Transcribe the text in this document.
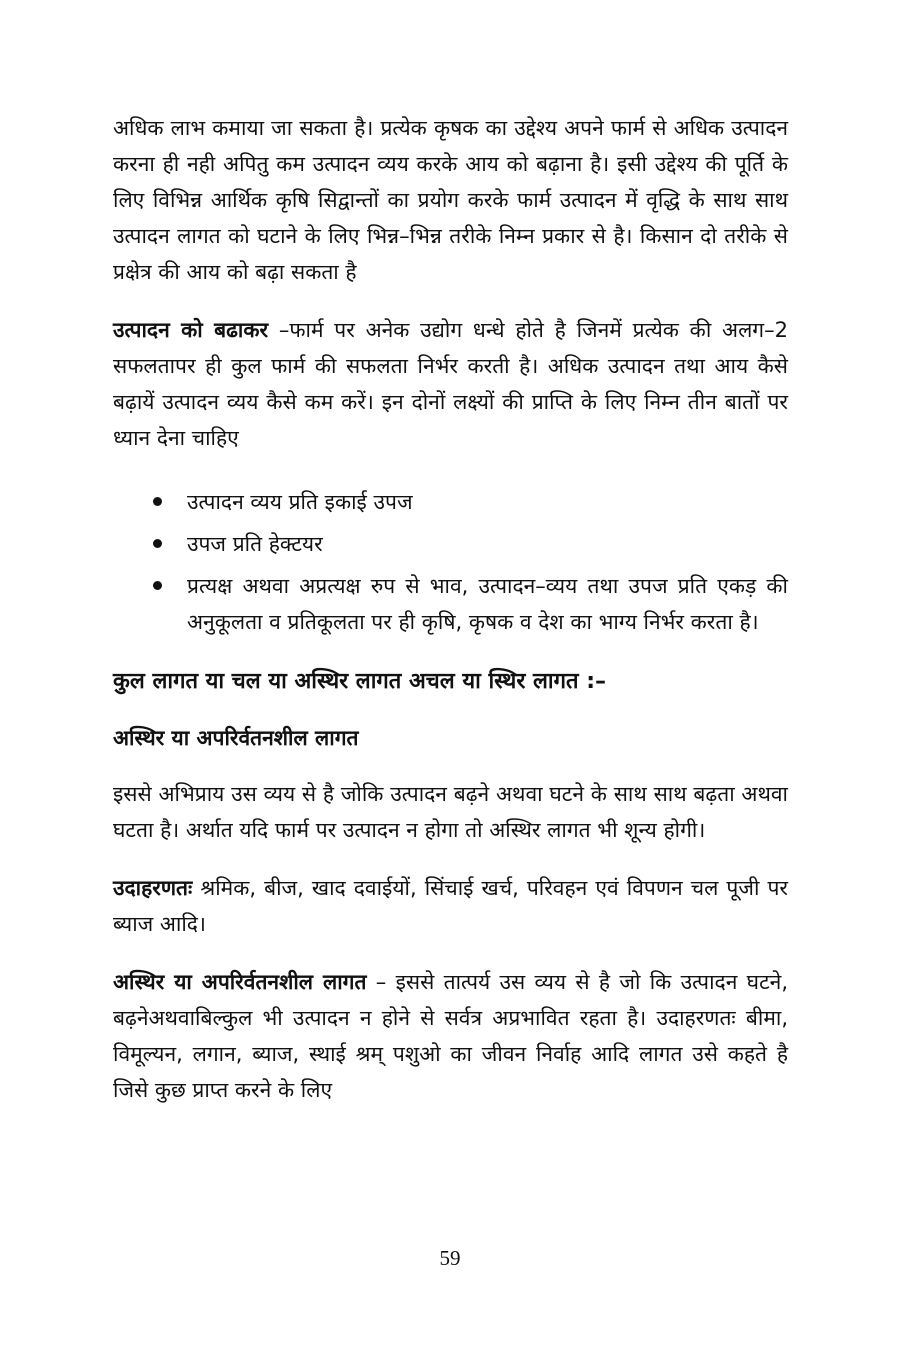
अधिक लाभ कमाया जा सकता है। प्रत्येक कृषक का उद्देश्य अपने फार्म से अधिक उत्पादन करना ही नही अपितु कम उत्पादन व्यय करके आय को बढ़ाना है। इसी उद्देश्य की पूर्ति के लिए विभिन्न आर्थिक कृषि सिद्वान्तों का प्रयोग करके फार्म उत्पादन में वृद्धि के साथ साथ उत्पादन लागत को घटाने के लिए भिन्न–भिन्न तरीके निम्न प्रकार से है। किसान दो तरीके से प्रक्षेत्र की आय को बढ़ा सकता है

उत्पादन को बढाकर –फार्म पर अनेक उद्योग धन्धे होते है जिनमें प्रत्येक की अलग–2 सफलतापर ही कुल फार्म की सफलता निर्भर करती है। अधिक उत्पादन तथा आय कैसे बढ़ायें उत्पादन व्यय कैसे कम करें। इन दोनों लक्ष्यों की प्राप्ति के लिए निम्न तीन बातों पर ध्यान देना चाहिए

उत्पादन व्यय प्रति इकाई उपज
उपज प्रति हेक्टयर
प्रत्यक्ष अथवा अप्रत्यक्ष रुप से भाव, उत्पादन–व्यय तथा उपज प्रति एकड़ की अनुकूलता व प्रतिकूलता पर ही कृषि, कृषक व देश का भाग्य निर्भर करता है।
कुल लागत या चल या अस्थिर लागत अचल या स्थिर लागत :–
अस्थिर या अपरिर्वतनशील लागत

इससे अभिप्राय उस व्यय से है जोकि उत्पादन बढ़ने अथवा घटने के साथ साथ बढ़ता अथवा घटता है। अर्थात यदि फार्म पर उत्पादन न होगा तो अस्थिर लागत भी शून्य होगी।

उदाहरणतः श्रमिक, बीज, खाद दवाईयों, सिंचाई खर्च, परिवहन एवं विपणन चल पूजी पर ब्याज आदि।

अस्थिर या अपरिर्वतनशील लागत – इससे तात्पर्य उस व्यय से है जो कि उत्पादन घटने, बढ़नेअथवाबिल्कुल भी उत्पादन न होने से सर्वत्र अप्रभावित रहता है। उदाहरणतः बीमा, विमूल्यन, लगान, ब्याज, स्थाई श्रम् पशुओ का जीवन निर्वाह आदि लागत उसे कहते है जिसे कुछ प्राप्त करने के लिए

59
